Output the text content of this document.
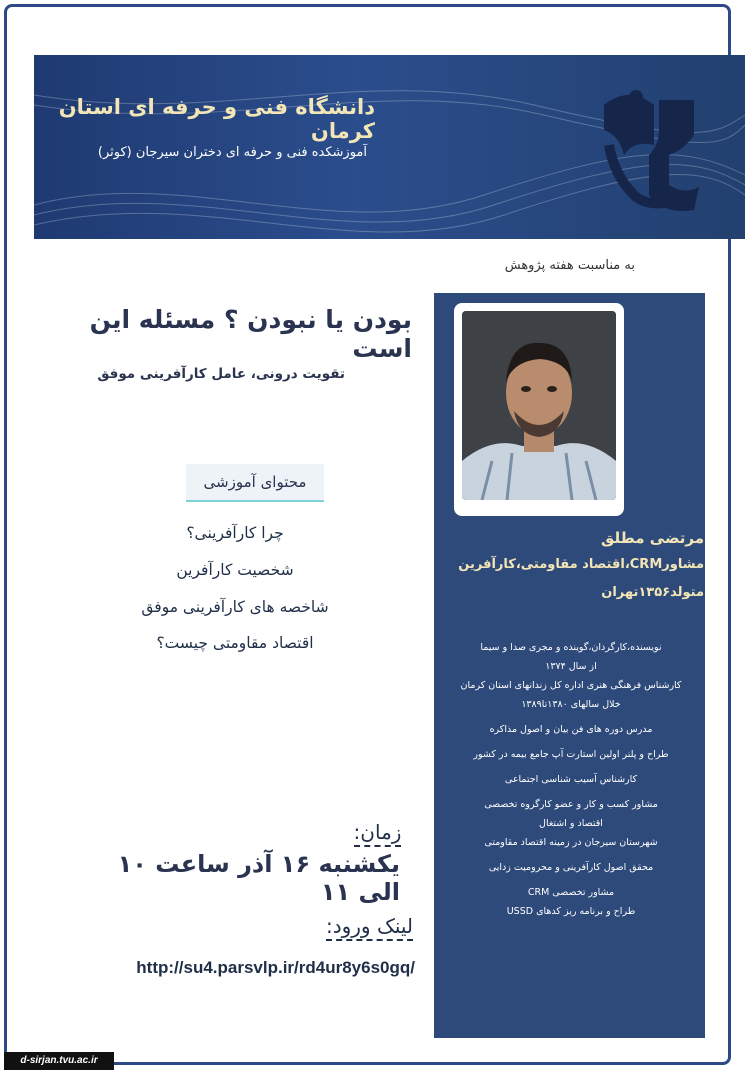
دانشگاه فنی و حرفه ای استان کرمان
آموزشکده فنی و حرفه ای دختران سیرجان (کوثر)
به مناسبت هفته پژوهش
بودن یا نبودن ؟ مسئله این است
تقویت درونی، عامل کارآفرینی موفق
محتوای آموزشی
چرا کارآفرینی؟
شخصیت کارآفرین
شاخصه های کارآفرینی موفق
اقتصاد مقاومتی چیست؟
زمان:
یکشنبه ۱۶ آذر ساعت ۱۰ الی ۱۱
لینک ورود:
http://su4.parsvlp.ir/rd4ur8y6s0gq/
مرتضی مطلق
مشاورCRM،اقتصاد مقاومتی،کارآفرین
متولد۱۳۵۶تهران
نویسنده،کارگردان،گوینده و مجری صدا و سیما
از سال ۱۳۷۴
کارشناس فرهنگی هنری اداره کل زندانهای استان کرمان
خلال سالهای ۱۳۸۰تا۱۳۸۹
مدرس دوره های فن بیان و اصول مذاکره
طراح و پلنر اولین استارت آپ جامع بیمه در کشور
کارشناس آسیب شناسی اجتماعی
مشاور کسب و کار و عضو کارگروه تخصصی
اقتصاد و اشتغال
شهرستان سیرجان در زمینه اقتصاد مقاومتی
محقق اصول کارآفرینی و محرومیت زدایی
مشاور تخصصی CRM
طراح و برنامه ریز کدهای USSD
d-sirjan.tvu.ac.ir
